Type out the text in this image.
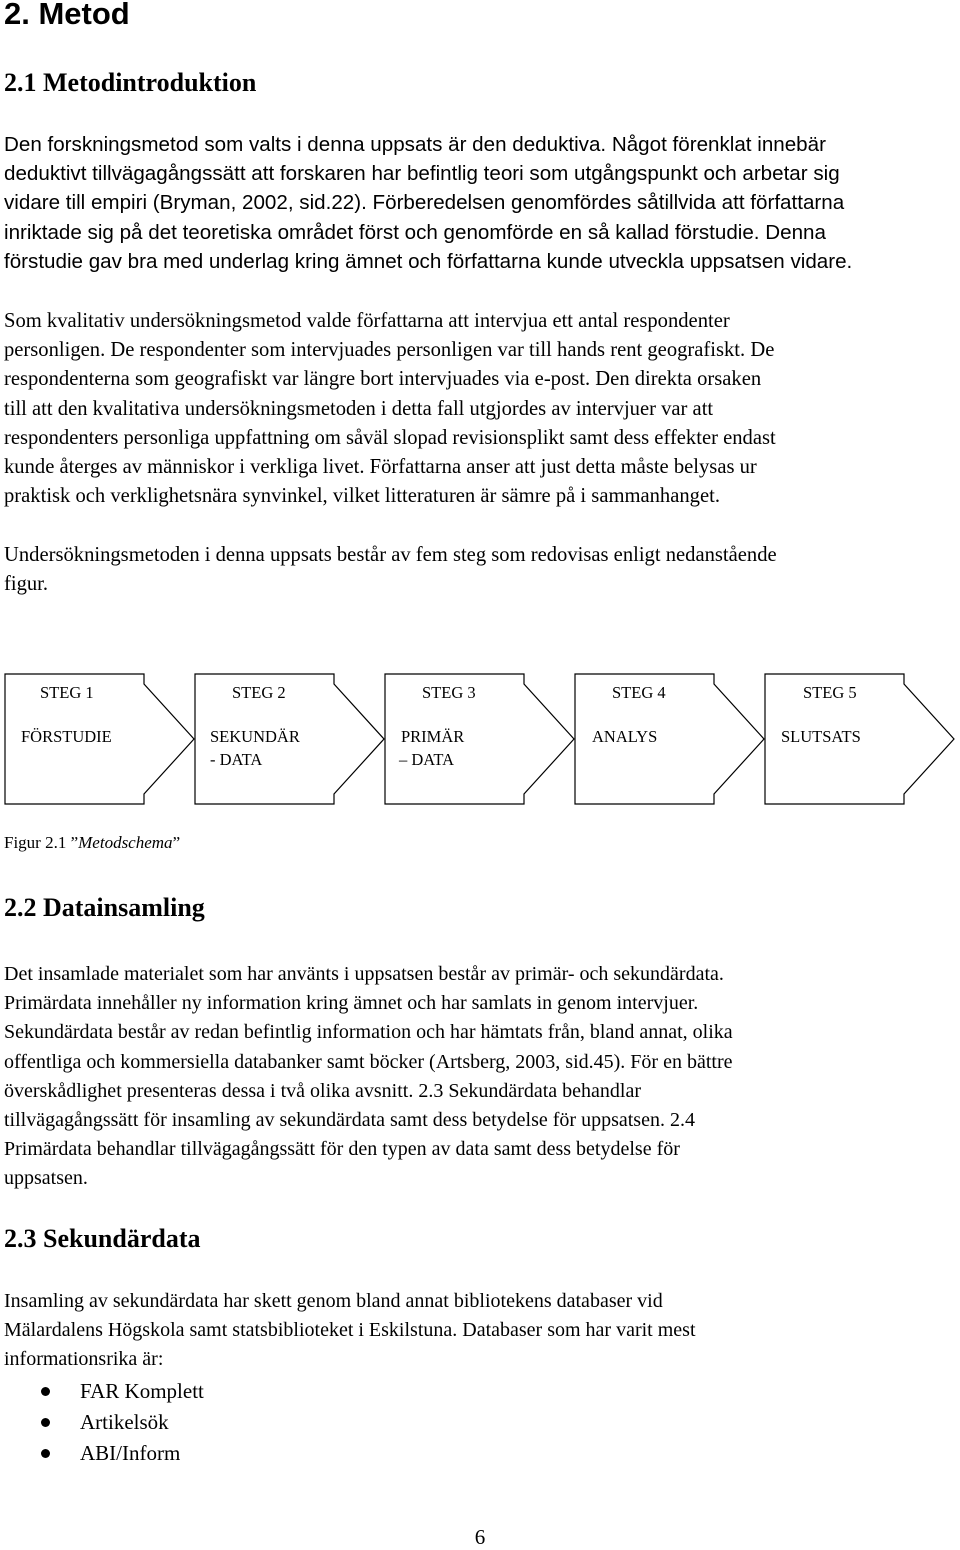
2. Metod
2.1 Metodintroduktion
Den forskningsmetod som valts i denna uppsats är den deduktiva. Något förenklat innebär
deduktivt tillvägagångssätt att forskaren har befintlig teori som utgångspunkt och arbetar sig
vidare till empiri (Bryman, 2002, sid.22). Förberedelsen genomfördes såtillvida att författarna
inriktade sig på det teoretiska området först och genomförde en så kallad förstudie. Denna
förstudie gav bra med underlag kring ämnet och författarna kunde utveckla uppsatsen vidare.
Som kvalitativ undersökningsmetod valde författarna att intervjua ett antal respondenter
personligen. De respondenter som intervjuades personligen var till hands rent geografiskt. De
respondenterna som geografiskt var längre bort intervjuades via e-post. Den direkta orsaken
till att den kvalitativa undersökningsmetoden i detta fall utgjordes av intervjuer var att
respondenters personliga uppfattning om såväl slopad revisionsplikt samt dess effekter endast
kunde återges av människor i verkliga livet. Författarna anser att just detta måste belysas ur
praktisk och verklighetsnära synvinkel, vilket litteraturen är sämre på i sammanhanget.
Undersökningsmetoden i denna uppsats består av fem steg som redovisas enligt nedanstående
figur.
STEG 1
FÖRSTUDIE
STEG 2
SEKUNDÄR
- DATA
STEG 3
PRIMÄR
– DATA
STEG 4
ANALYS
STEG 5
SLUTSATS
Figur 2.1 ”Metodschema”
2.2 Datainsamling
Det insamlade materialet som har använts i uppsatsen består av primär- och sekundärdata.
Primärdata innehåller ny information kring ämnet och har samlats in genom intervjuer.
Sekundärdata består av redan befintlig information och har hämtats från, bland annat, olika
offentliga och kommersiella databanker samt böcker (Artsberg, 2003, sid.45). För en bättre
överskådlighet presenteras dessa i två olika avsnitt. 2.3 Sekundärdata behandlar
tillvägagångssätt för insamling av sekundärdata samt dess betydelse för uppsatsen. 2.4
Primärdata behandlar tillvägagångssätt för den typen av data samt dess betydelse för
uppsatsen.
2.3 Sekundärdata
Insamling av sekundärdata har skett genom bland annat bibliotekens databaser vid
Mälardalens Högskola samt statsbiblioteket i Eskilstuna. Databaser som har varit mest
informationsrika är:
FAR Komplett
Artikelsök
ABI/Inform
6
